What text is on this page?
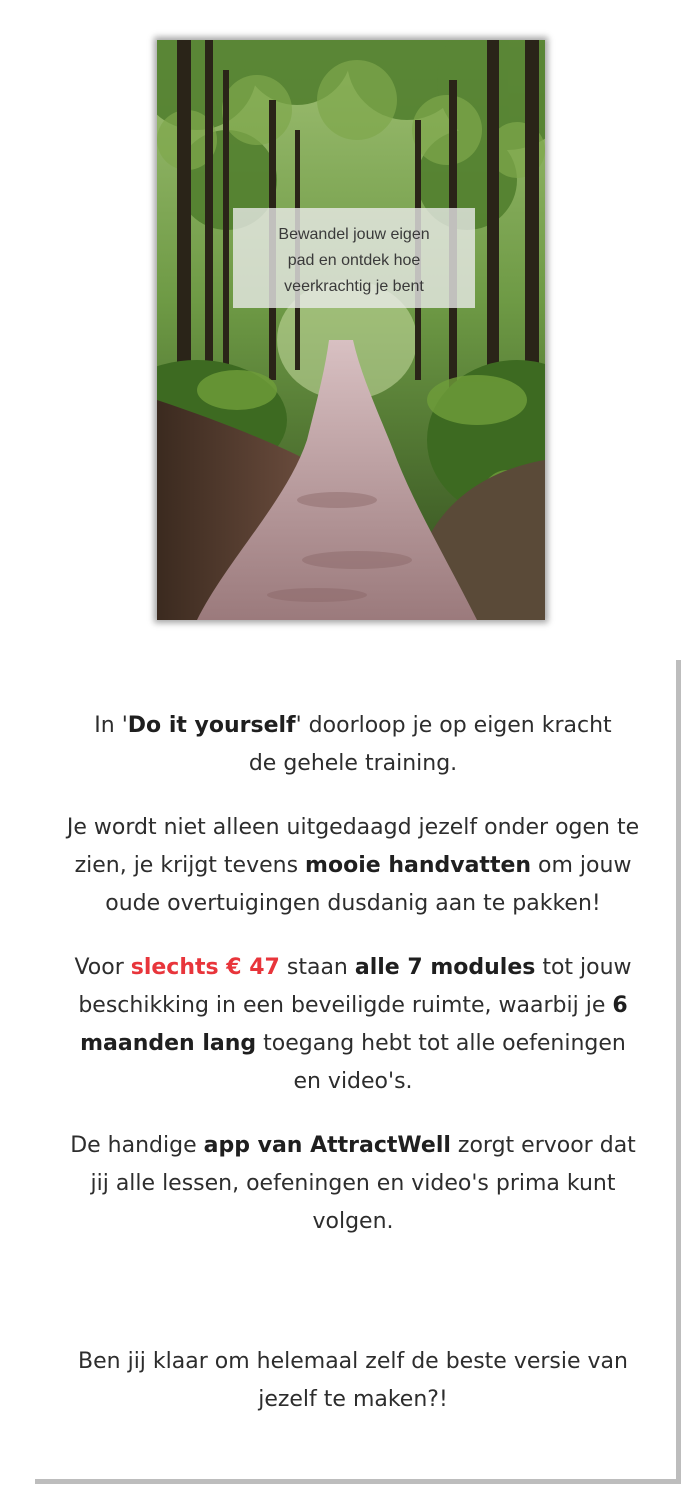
Bewandel jouw eigen
pad en ontdek hoe
veerkrachtig je bent

In 'Do it yourself' doorloop je op eigen kracht de gehele training.

Je wordt niet alleen uitgedaagd jezelf onder ogen te zien, je krijgt tevens mooie handvatten om jouw oude overtuigingen dusdanig aan te pakken!

Voor slechts € 47 staan alle 7 modules tot jouw beschikking in een beveiligde ruimte, waarbij je 6 maanden lang toegang hebt tot alle oefeningen en video's.

De handige app van AttractWell zorgt ervoor dat jij alle lessen, oefeningen en video's prima kunt volgen.

Ben jij klaar om helemaal zelf de beste versie van jezelf te maken?!
